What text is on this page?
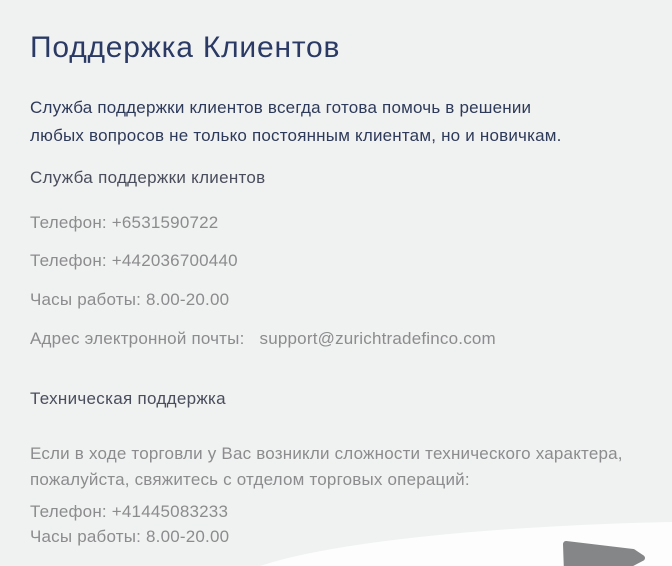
Поддержка Клиентов
Служба поддержки клиентов всегда готова помочь в решении
любых вопросов не только постоянным клиентам, но и новичкам.
Служба поддержки клиентов
Телефон: +6531590722
Телефон: +442036700440
Часы работы: 8.00-20.00
Адрес электронной почты: support@zurichtradefinco.com
Техническая поддержка
Если в ходе торговли у Вас возникли сложности технического характера,
пожалуйста, свяжитесь с отделом торговых операций:
Телефон: +41445083233
Часы работы: 8.00-20.00
